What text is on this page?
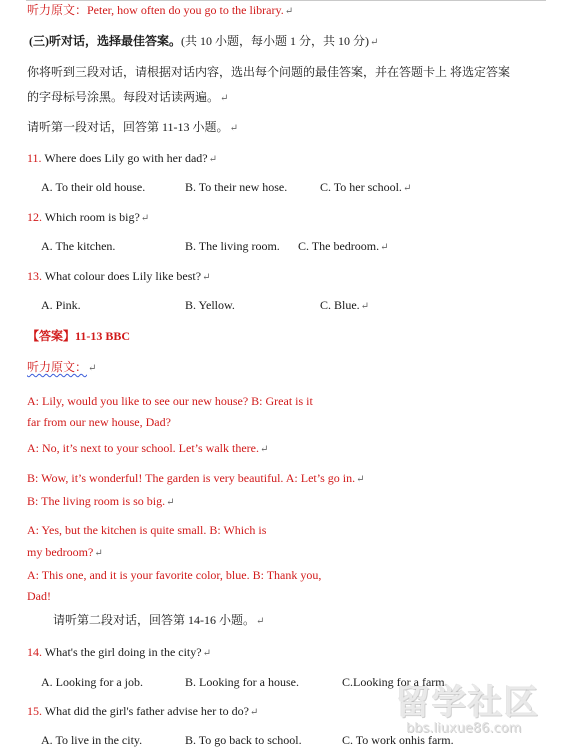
听力原文：Peter, how often do you go to the library.↵
(三)听对话，选择最佳答案。(共 10 小题，每小题 1 分，共 10 分)↵
你将听到三段对话，请根据对话内容，选出每个问题的最佳答案，并在答题卡上 将选定答案
的字母标号涂黑。每段对话读两遍。↵
请听第一段对话，回答第 11-13 小题。↵
11. Where does Lily go with her dad?↵
A. To their old house.	B. To their new hose.	C. To her school.↵
12. Which room is big?↵
A. The kitchen.	B. The living room. C. The bedroom.↵
13. What colour does Lily like best?↵
A. Pink.	B. Yellow.	C. Blue.↵
【答案】11-13 BBC
听力原文：↵
A: Lily, would you like to see our new house? B: Great is it
far from our new house, Dad?
A: No, it’s next to your school. Let’s walk there.↵
B: Wow, it’s wonderful! The garden is very beautiful. A: Let’s go in.↵
B: The living room is so big.↵
A: Yes, but the kitchen is quite small. B: Which is
my bedroom?↵
A: This one, and it is your favorite color, blue. B: Thank you,
Dad!
请听第二段对话，回答第 14-16 小题。↵
14. What's the girl doing in the city?↵
A. Looking for a job.	B. Looking for a house.	C.Looking for a farm.
15. What did the girl's father advise her to do?↵
A. To live in the city.	B. To go back to school.	C. To work onhis farm.
留学社区
bbs.liuxue86.com
